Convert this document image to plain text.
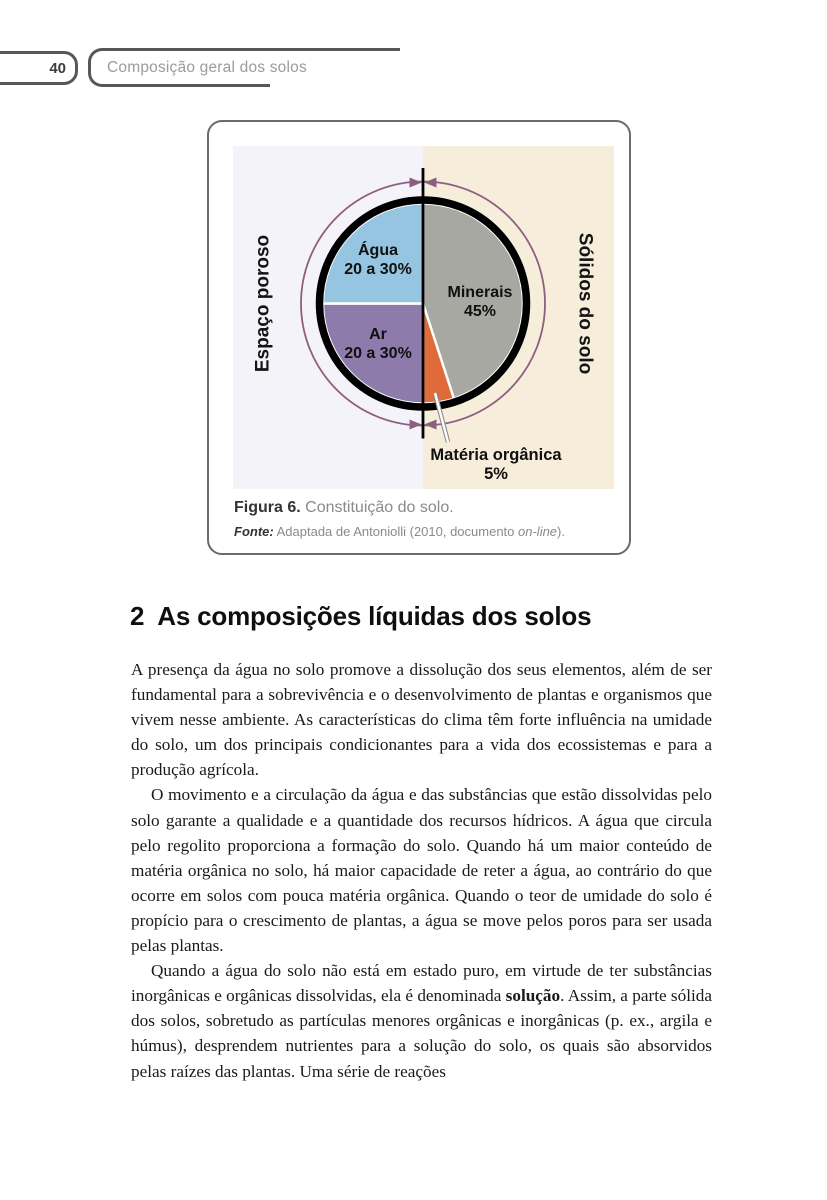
40	Composição geral dos solos
Água
20 a 30%
Ar
20 a 30%
Minerais
45%
Matéria orgânica
5%
Espaço poroso	Sólidos do solo

Figura 6. Constituição do solo.

Fonte: Adaptada de Antoniolli (2010, documento on-line).

2 As composições líquidas dos solos

A presença da água no solo promove a dissolução dos seus elementos, além de ser fundamental para a sobrevivência e o desenvolvimento de plantas e organismos que vivem nesse ambiente. As características do clima têm forte influência na umidade do solo, um dos principais condicionantes para a vida dos ecossistemas e para a produção agrícola.

O movimento e a circulação da água e das substâncias que estão dissolvidas pelo solo garante a qualidade e a quantidade dos recursos hídricos. A água que circula pelo regolito proporciona a formação do solo. Quando há um maior conteúdo de matéria orgânica no solo, há maior capacidade de reter a água, ao contrário do que ocorre em solos com pouca matéria orgânica. Quando o teor de umidade do solo é propício para o crescimento de plantas, a água se move pelos poros para ser usada pelas plantas.

Quando a água do solo não está em estado puro, em virtude de ter substâncias inorgânicas e orgânicas dissolvidas, ela é denominada solução. Assim, a parte sólida dos solos, sobretudo as partículas menores orgânicas e inorgânicas (p. ex., argila e húmus), desprendem nutrientes para a solução do solo, os quais são absorvidos pelas raízes das plantas. Uma série de reações
